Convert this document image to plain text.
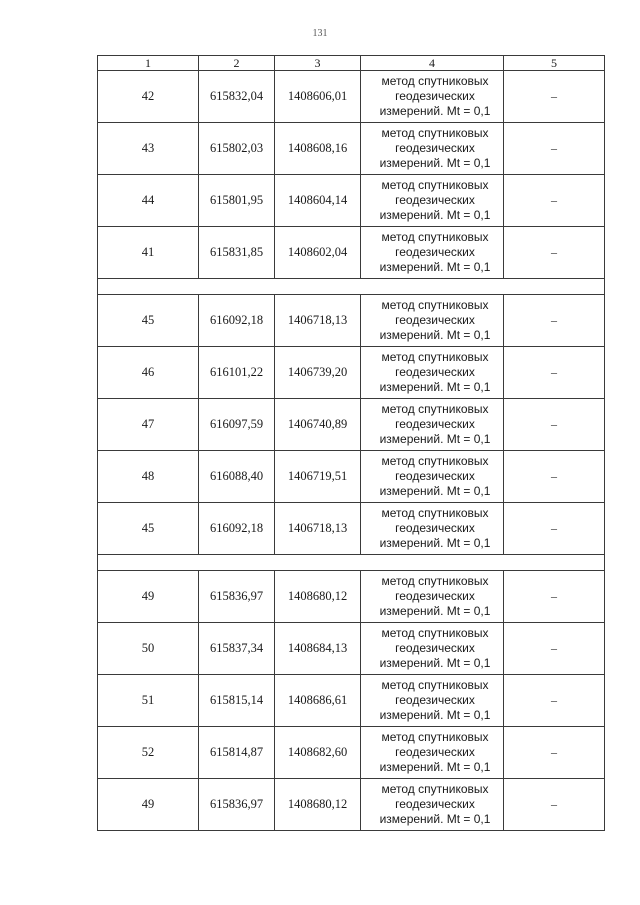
131
1	2	3	4	5
42	615832,04	1408606,01	метод спутниковых
геодезических
измерений. Mt = 0,1	–
43	615802,03	1408608,16	метод спутниковых
геодезических
измерений. Mt = 0,1	–
44	615801,95	1408604,14	метод спутниковых
геодезических
измерений. Mt = 0,1	–
41	615831,85	1408602,04	метод спутниковых
геодезических
измерений. Mt = 0,1	–

45	616092,18	1406718,13	метод спутниковых
геодезических
измерений. Mt = 0,1	–
46	616101,22	1406739,20	метод спутниковых
геодезических
измерений. Mt = 0,1	–
47	616097,59	1406740,89	метод спутниковых
геодезических
измерений. Mt = 0,1	–
48	616088,40	1406719,51	метод спутниковых
геодезических
измерений. Mt = 0,1	–
45	616092,18	1406718,13	метод спутниковых
геодезических
измерений. Mt = 0,1	–

49	615836,97	1408680,12	метод спутниковых
геодезических
измерений. Mt = 0,1	–
50	615837,34	1408684,13	метод спутниковых
геодезических
измерений. Mt = 0,1	–
51	615815,14	1408686,61	метод спутниковых
геодезических
измерений. Mt = 0,1	–
52	615814,87	1408682,60	метод спутниковых
геодезических
измерений. Mt = 0,1	–
49	615836,97	1408680,12	метод спутниковых
геодезических
измерений. Mt = 0,1	–
